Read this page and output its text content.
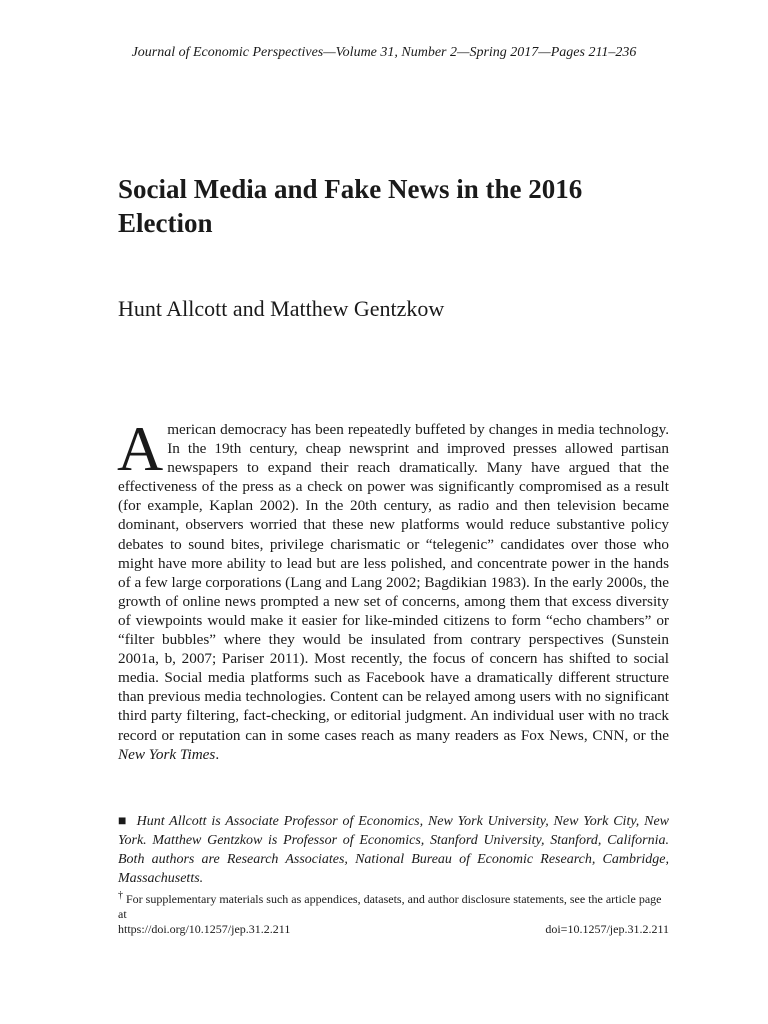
Journal of Economic Perspectives—Volume 31, Number 2—Spring 2017—Pages 211–236
Social Media and Fake News in the 2016 Election
Hunt Allcott and Matthew Gentzkow

American democracy has been repeatedly buffeted by changes in media technology. In the 19th century, cheap newsprint and improved presses allowed partisan newspapers to expand their reach dramatically. Many have argued that the effectiveness of the press as a check on power was significantly compromised as a result (for example, Kaplan 2002). In the 20th century, as radio and then television became dominant, observers worried that these new platforms would reduce substantive policy debates to sound bites, privilege charismatic or “telegenic” candidates over those who might have more ability to lead but are less polished, and concentrate power in the hands of a few large corporations (Lang and Lang 2002; Bagdikian 1983). In the early 2000s, the growth of online news prompted a new set of concerns, among them that excess diversity of viewpoints would make it easier for like-minded citizens to form “echo chambers” or “filter bubbles” where they would be insulated from contrary perspectives (Sunstein 2001a, b, 2007; Pariser 2011). Most recently, the focus of concern has shifted to social media. Social media platforms such as Facebook have a dramatically different structure than previous media technologies. Content can be relayed among users with no significant third party filtering, fact-checking, or editorial judgment. An individual user with no track record or reputation can in some cases reach as many readers as Fox News, CNN, or the New York Times.

■ Hunt Allcott is Associate Professor of Economics, New York University, New York City, New York. Matthew Gentzkow is Professor of Economics, Stanford University, Stanford, California. Both authors are Research Associates, National Bureau of Economic Research, Cambridge, Massachusetts.
† For supplementary materials such as appendices, datasets, and author disclosure statements, see the article page at
https://doi.org/10.1257/jep.31.2.211	doi=10.1257/jep.31.2.211
